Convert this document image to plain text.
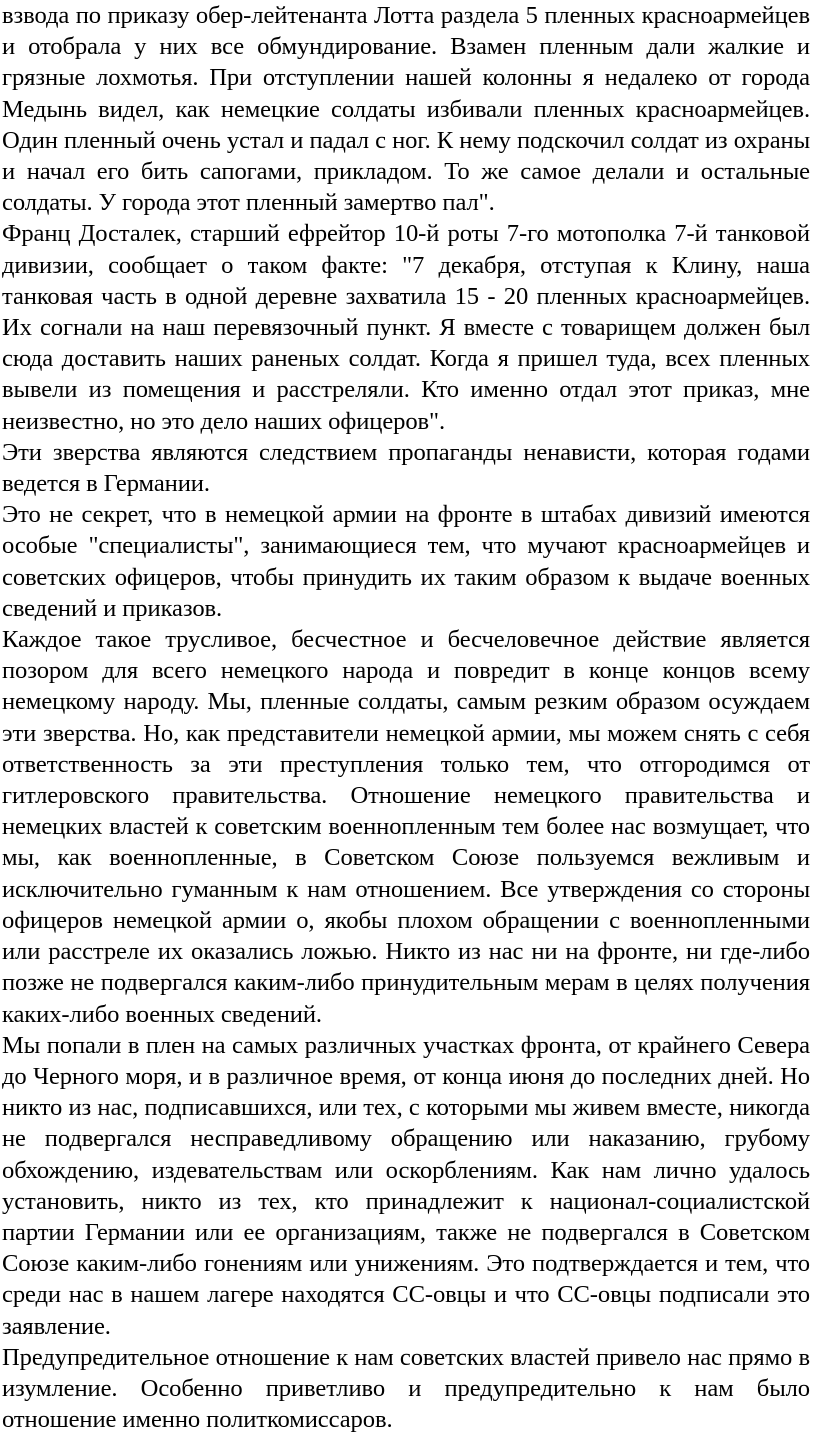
взвода по приказу обер-лейтенанта Лотта раздела 5 пленных красноармейцев и отобрала у них все обмундирование. Взамен пленным дали жалкие и грязные лохмотья. При отступлении нашей колонны я недалеко от города Медынь видел, как немецкие солдаты избивали пленных красноармейцев. Один пленный очень устал и падал с ног. К нему подскочил солдат из охраны и начал его бить сапогами, прикладом. То же самое делали и остальные солдаты. У города этот пленный замертво пал".

Франц Досталек, старший ефрейтор 10-й роты 7-го мотополка 7-й танковой дивизии, сообщает о таком факте: "7 декабря, отступая к Клину, наша танковая часть в одной деревне захватила 15 - 20 пленных красноармейцев. Их согнали на наш перевязочный пункт. Я вместе с товарищем должен был сюда доставить наших раненых солдат. Когда я пришел туда, всех пленных вывели из помещения и расстреляли. Кто именно отдал этот приказ, мне неизвестно, но это дело наших офицеров".

Эти зверства являются следствием пропаганды ненависти, которая годами ведется в Германии.

Это не секрет, что в немецкой армии на фронте в штабах дивизий имеются особые "специалисты", занимающиеся тем, что мучают красноармейцев и советских офицеров, чтобы принудить их таким образом к выдаче военных сведений и приказов.

Каждое такое трусливое, бесчестное и бесчеловечное действие является позором для всего немецкого народа и повредит в конце концов всему немецкому народу. Мы, пленные солдаты, самым резким образом осуждаем эти зверства. Но, как представители немецкой армии, мы можем снять с себя ответственность за эти преступления только тем, что отгородимся от гитлеровского правительства. Отношение немецкого правительства и немецких властей к советским военнопленным тем более нас возмущает, что мы, как военнопленные, в Советском Союзе пользуемся вежливым и исключительно гуманным к нам отношением. Все утверждения со стороны офицеров немецкой армии о, якобы плохом обращении с военнопленными или расстреле их оказались ложью. Никто из нас ни на фронте, ни где-либо позже не подвергался каким-либо принудительным мерам в целях получения каких-либо военных сведений.

Мы попали в плен на самых различных участках фронта, от крайнего Севера до Черного моря, и в различное время, от конца июня до последних дней. Но никто из нас, подписавшихся, или тех, с которыми мы живем вместе, никогда не подвергался несправедливому обращению или наказанию, грубому обхождению, издевательствам или оскорблениям. Как нам лично удалось установить, никто из тех, кто принадлежит к национал-социалистской партии Германии или ее организациям, также не подвергался в Советском Союзе каким-либо гонениям или унижениям. Это подтверждается и тем, что среди нас в нашем лагере находятся СС-овцы и что СС-овцы подписали это заявление.

Предупредительное отношение к нам советских властей привело нас прямо в изумление. Особенно приветливо и предупредительно к нам было отношение именно политкомиссаров.
